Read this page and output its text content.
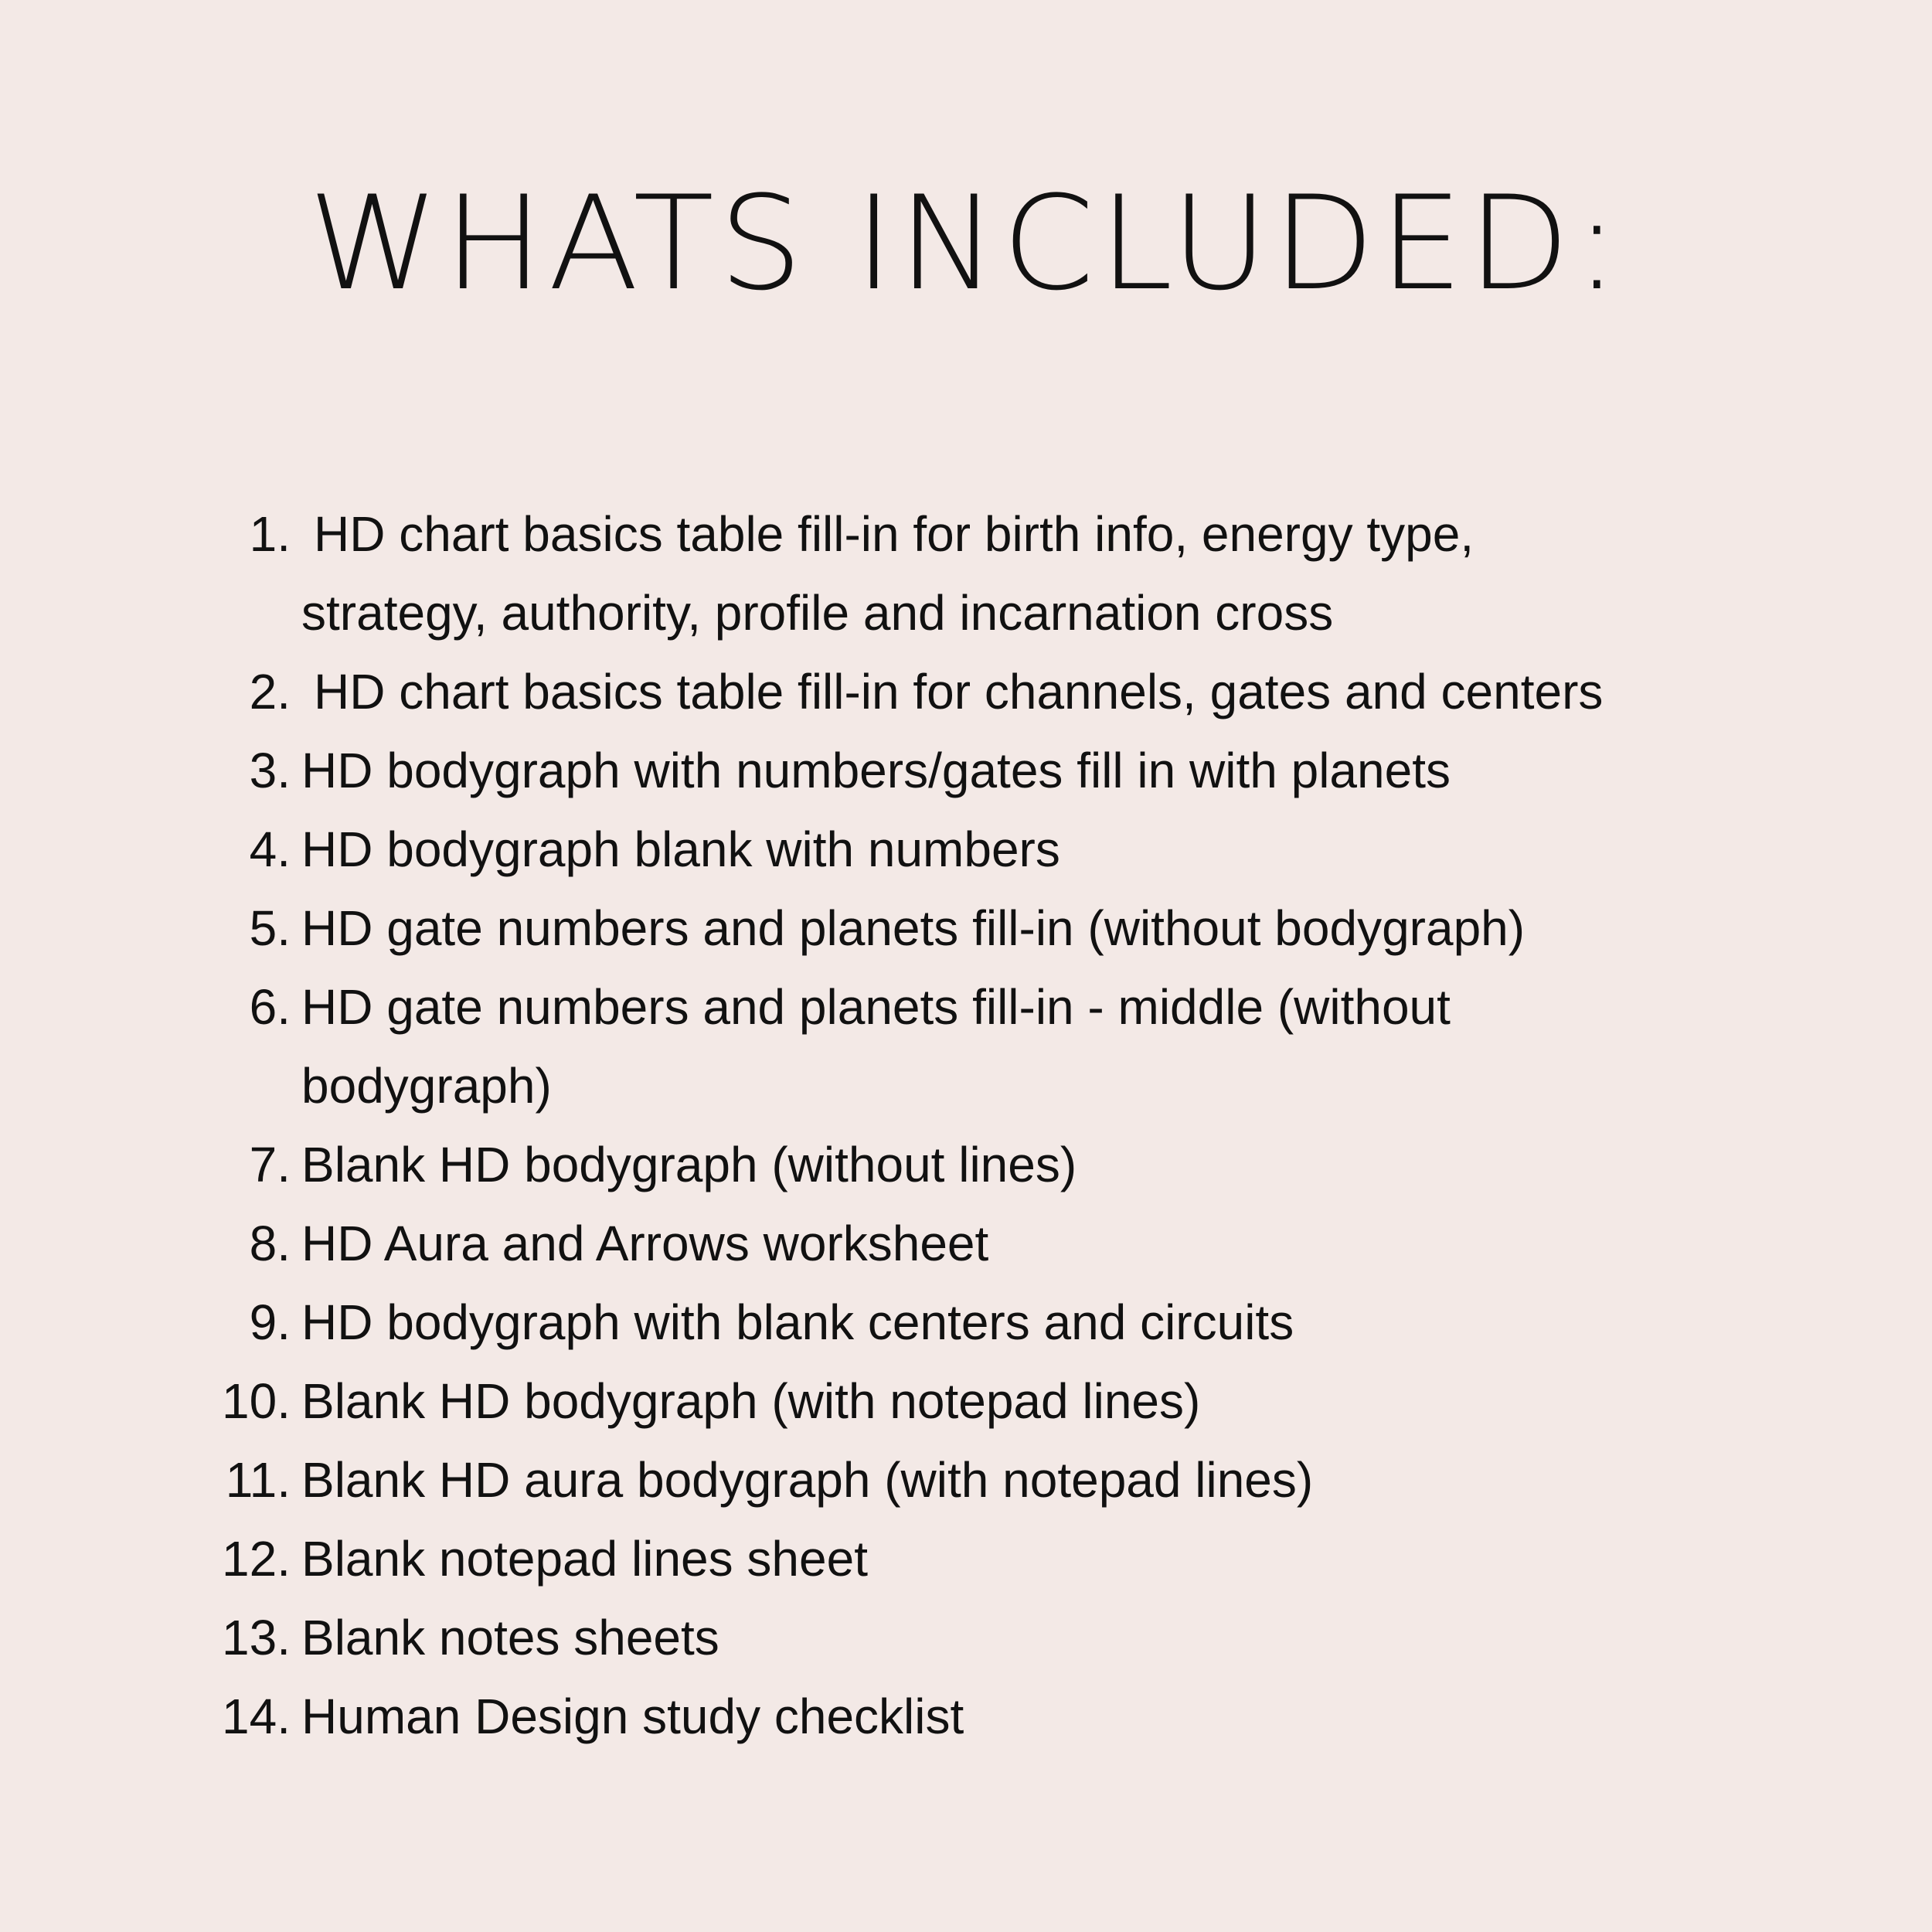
WHATS INCLUDED:
1. HD chart basics table fill-in for birth info, energy type,
strategy, authority, profile and incarnation cross
2. HD chart basics table fill-in for channels, gates and centers
3. HD bodygraph with numbers/gates fill in with planets
4. HD bodygraph blank with numbers
5. HD gate numbers and planets fill-in (without bodygraph)
6. HD gate numbers and planets fill-in - middle (without
bodygraph)
7. Blank HD bodygraph (without lines)
8. HD Aura and Arrows worksheet
9. HD bodygraph with blank centers and circuits
10. Blank HD bodygraph (with notepad lines)
11. Blank HD aura bodygraph (with notepad lines)
12. Blank notepad lines sheet
13. Blank notes sheets
14. Human Design study checklist
